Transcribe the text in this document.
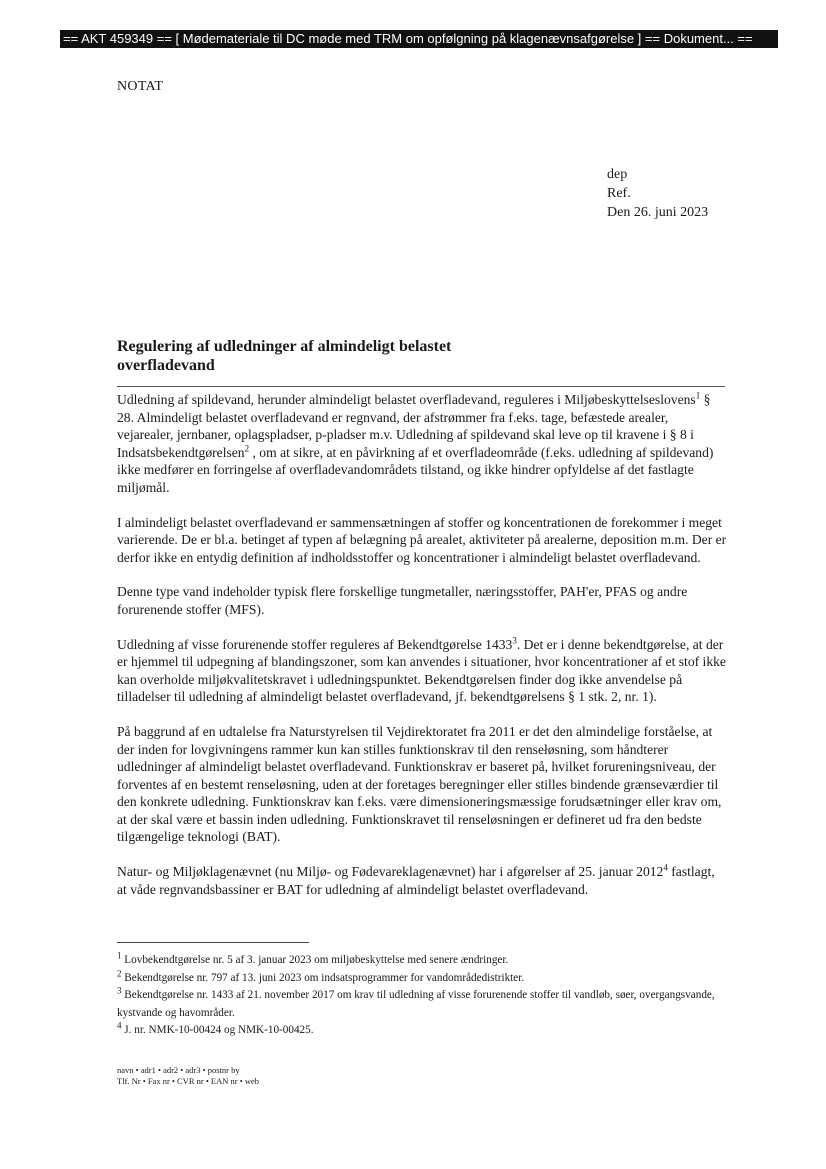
== AKT 459349 == [ Mødemateriale til DC møde med TRM om opfølgning på klagenævnsafgørelse ] == Dokument... ==
NOTAT
dep
Ref.
Den 26. juni 2023
Regulering af udledninger af almindeligt belastet overfladevand

Udledning af spildevand, herunder almindeligt belastet overfladevand, reguleres i Miljøbeskyttelseslovens$^1$ § 28. Almindeligt belastet overfladevand er regnvand, der afstrømmer fra f.eks. tage, befæstede arealer, vejarealer, jernbaner, oplagspladser, p-pladser m.v. Udledning af spildevand skal leve op til kravene i § 8 i Indsatsbekendtgørelsen$^2$ , om at sikre, at en påvirkning af et overfladeområde (f.eks. udledning af spildevand) ikke medfører en forringelse af overfladevandområdets tilstand, og ikke hindrer opfyldelse af det fastlagte miljømål.

I almindeligt belastet overfladevand er sammensætningen af stoffer og koncentrationen de forekommer i meget varierende. De er bl.a. betinget af typen af belægning på arealet, aktiviteter på arealerne, deposition m.m. Der er derfor ikke en entydig definition af indholdsstoffer og koncentrationer i almindeligt belastet overfladevand.

Denne type vand indeholder typisk flere forskellige tungmetaller, næringsstoffer, PAH'er, PFAS og andre forurenende stoffer (MFS).

Udledning af visse forurenende stoffer reguleres af Bekendtgørelse 1433$^3$. Det er i denne bekendtgørelse, at der er hjemmel til udpegning af blandingszoner, som kan anvendes i situationer, hvor koncentrationer af et stof ikke kan overholde miljøkvalitetskravet i udledningspunktet. Bekendtgørelsen finder dog ikke anvendelse på tilladelser til udledning af almindeligt belastet overfladevand, jf. bekendtgørelsens § 1 stk. 2, nr. 1).

På baggrund af en udtalelse fra Naturstyrelsen til Vejdirektoratet fra 2011 er det den almindelige forståelse, at der inden for lovgivningens rammer kun kan stilles funktionskrav til den rensełøsning, som håndterer udledninger af almindeligt belastet overfladevand. Funktionskrav er baseret på, hvilket forureningsniveau, der forventes af en bestemt renseløsning, uden at der foretages beregninger eller stilles bindende grænseværdier til den konkrete udledning. Funktionskrav kan f.eks. være dimensioneringsmæssige forudsætninger eller krav om, at der skal være et bassin inden udledning. Funktionskravet til renseløsningen er defineret ud fra den bedste tilgængelige teknologi (BAT).

Natur- og Miljøklagenævnet (nu Miljø- og Fødevareklagenævnet) har i afgørelser af 25. januar 2012$^4$ fastlagt, at våde regnvandsbassiner er BAT for udledning af almindeligt belastet overfladevand.

$^1$ Lovbekendtgørelse nr. 5 af 3. januar 2023 om miljøbeskyttelse med senere ændringer.
$^2$ Bekendtgørelse nr. 797 af 13. juni 2023 om indsatsprogrammer for vandområdedistrikter.
$^3$ Bekendtgørelse nr. 1433 af 21. november 2017 om krav til udledning af visse forurenende stoffer til vandløb, søer, overgangsvande, kystvande og havområder.
$^4$ J. nr. NMK-10-00424 og NMK-10-00425.
navn • adr1 • adr2 • adr3 • postnr by
Tlf. Nr • Fax nr • CVR nr • EAN nr • web
